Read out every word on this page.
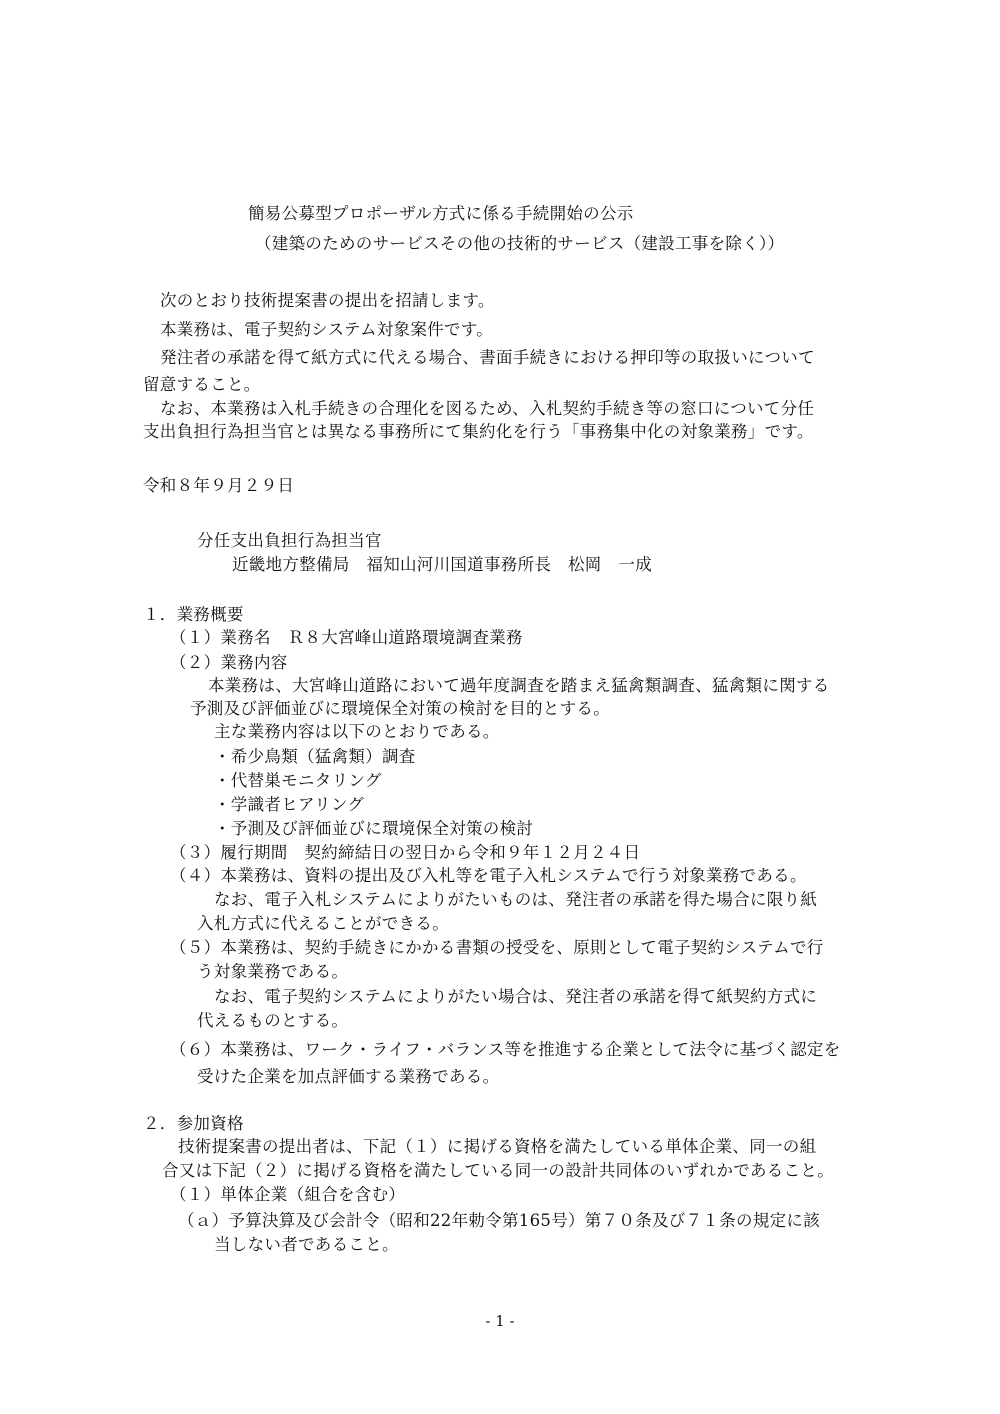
簡易公募型プロポーザル方式に係る手続開始の公示
（建築のためのサービスその他の技術的サービス（建設工事を除く））
次のとおり技術提案書の提出を招請します。
本業務は、電子契約システム対象案件です。
発注者の承諾を得て紙方式に代える場合、書面手続きにおける押印等の取扱いについて
留意すること。
なお、本業務は入札手続きの合理化を図るため、入札契約手続き等の窓口について分任
支出負担行為担当官とは異なる事務所にて集約化を行う「事務集中化の対象業務」です。
令和８年９月２９日
分任支出負担行為担当官
近畿地方整備局　福知山河川国道事務所長　松岡　一成
１．業務概要
（１）業務名　Ｒ８大宮峰山道路環境調査業務
（２）業務内容
本業務は、大宮峰山道路において過年度調査を踏まえ猛禽類調査、猛禽類に関する
予測及び評価並びに環境保全対策の検討を目的とする。
主な業務内容は以下のとおりである。
・希少鳥類（猛禽類）調査
・代替巣モニタリング
・学識者ヒアリング
・予測及び評価並びに環境保全対策の検討
（３）履行期間　契約締結日の翌日から令和９年１２月２４日
（４）本業務は、資料の提出及び入札等を電子入札システムで行う対象業務である。
なお、電子入札システムによりがたいものは、発注者の承諾を得た場合に限り紙
入札方式に代えることができる。
（５）本業務は、契約手続きにかかる書類の授受を、原則として電子契約システムで行
う対象業務である。
なお、電子契約システムによりがたい場合は、発注者の承諾を得て紙契約方式に
代えるものとする。
（６）本業務は、ワーク・ライフ・バランス等を推進する企業として法令に基づく認定を
受けた企業を加点評価する業務である。
２．参加資格
技術提案書の提出者は、下記（１）に掲げる資格を満たしている単体企業、同一の組
合又は下記（２）に掲げる資格を満たしている同一の設計共同体のいずれかであること。
（１）単体企業（組合を含む）
（ａ）予算決算及び会計令（昭和22年勅令第165号）第７０条及び７１条の規定に該
当しない者であること。
- 1 -
